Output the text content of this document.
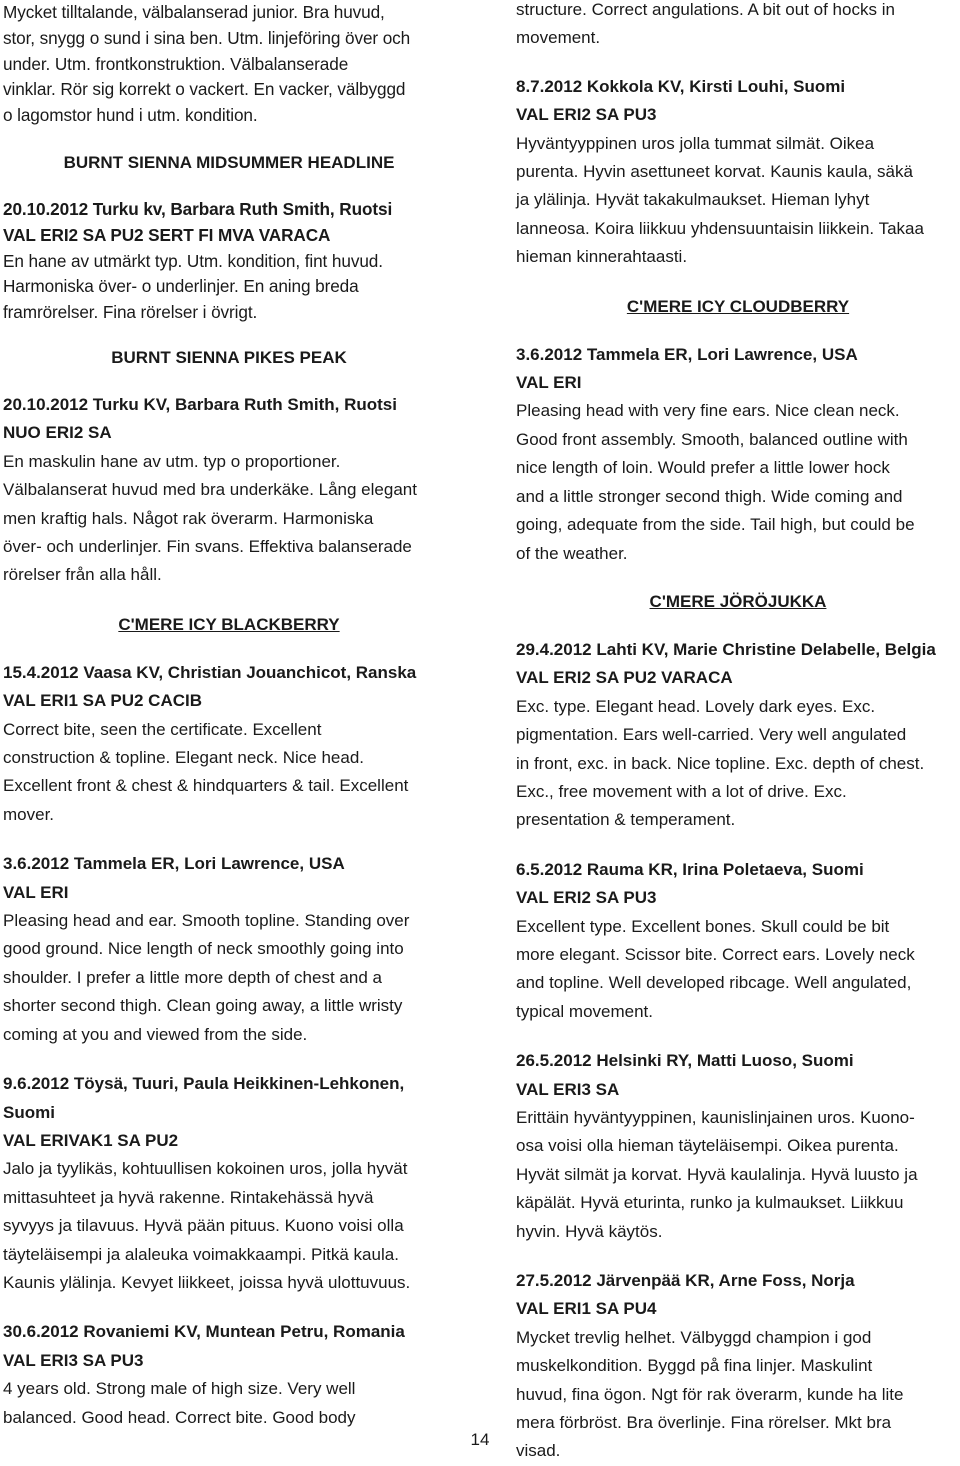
Mycket tilltalande, välbalanserad junior. Bra huvud,
stor, snygg o sund i sina ben. Utm. linjeföring över och
under. Utm. frontkonstruktion. Välbalanserade
vinklar. Rör sig korrekt o vackert. En vacker, välbyggd
o lagomstor hund i utm. kondition.
BURNT SIENNA MIDSUMMER HEADLINE
20.10.2012 Turku kv, Barbara Ruth Smith, Ruotsi
VAL ERI2 SA PU2 SERT FI MVA VARACA
En hane av utmärkt typ. Utm. kondition, fint huvud.
Harmoniska över- o underlinjer. En aning breda
framrörelser. Fina rörelser i övrigt.
BURNT SIENNA PIKES PEAK
20.10.2012 Turku KV, Barbara Ruth Smith, Ruotsi
NUO ERI2 SA
En maskulin hane av utm. typ o proportioner.
Välbalanserat huvud med bra underkäke. Lång elegant
men kraftig hals. Något rak överarm. Harmoniska
över- och underlinjer. Fin svans. Effektiva balanserade
rörelser från alla håll.
C'MERE ICY BLACKBERRY
15.4.2012 Vaasa KV, Christian Jouanchicot, Ranska
VAL ERI1 SA PU2 CACIB
Correct bite, seen the certificate. Excellent
construction & topline. Elegant neck. Nice head.
Excellent front & chest & hindquarters & tail. Excellent
mover.
3.6.2012 Tammela ER, Lori Lawrence, USA
VAL ERI
Pleasing head and ear. Smooth topline. Standing over
good ground. Nice length of neck smoothly going into
shoulder. I prefer a little more depth of chest and a
shorter second thigh. Clean going away, a little wristy
coming at you and viewed from the side.
9.6.2012 Töysä, Tuuri, Paula Heikkinen-Lehkonen,
Suomi
VAL ERIVAK1 SA PU2
Jalo ja tyylikäs, kohtuullisen kokoinen uros, jolla hyvät
mittasuhteet ja hyvä rakenne. Rintakehässä hyvä
syvyys ja tilavuus. Hyvä pään pituus. Kuono voisi olla
täyteläisempi ja alaleuka voimakkaampi. Pitkä kaula.
Kaunis ylälinja. Kevyet liikkeet, joissa hyvä ulottuvuus.
30.6.2012 Rovaniemi KV, Muntean Petru, Romania
VAL ERI3 SA PU3
4 years old. Strong male of high size. Very well
balanced. Good head. Correct bite. Good body
structure. Correct angulations. A bit out of hocks in
movement.
8.7.2012 Kokkola KV, Kirsti Louhi, Suomi
VAL ERI2 SA PU3
Hyväntyyppinen uros jolla tummat silmät. Oikea
purenta. Hyvin asettuneet korvat. Kaunis kaula, säkä
ja ylälinja. Hyvät takakulmaukset. Hieman lyhyt
lanneosa. Koira liikkuu yhdensuuntaisin liikkein. Takaa
hieman kinnerahtaasti.
C'MERE ICY CLOUDBERRY
3.6.2012 Tammela ER, Lori Lawrence, USA
VAL ERI
Pleasing head with very fine ears. Nice clean neck.
Good front assembly. Smooth, balanced outline with
nice length of loin. Would prefer a little lower hock
and a little stronger second thigh. Wide coming and
going, adequate from the side. Tail high, but could be
of the weather.
C'MERE JÖRÖJUKKA
29.4.2012 Lahti KV, Marie Christine Delabelle, Belgia
VAL ERI2 SA PU2 VARACA
Exc. type. Elegant head. Lovely dark eyes. Exc.
pigmentation. Ears well-carried. Very well angulated
in front, exc. in back. Nice topline. Exc. depth of chest.
Exc., free movement with a lot of drive. Exc.
presentation & temperament.
6.5.2012 Rauma KR, Irina Poletaeva, Suomi
VAL ERI2 SA PU3
Excellent type. Excellent bones. Skull could be bit
more elegant. Scissor bite. Correct ears. Lovely neck
and topline. Well developed ribcage. Well angulated,
typical movement.
26.5.2012 Helsinki RY, Matti Luoso, Suomi
VAL ERI3 SA
Erittäin hyväntyyppinen, kaunislinjainen uros. Kuono-
osa voisi olla hieman täyteläisempi. Oikea purenta.
Hyvät silmät ja korvat. Hyvä kaulalinja. Hyvä luusto ja
käpälät. Hyvä eturinta, runko ja kulmaukset. Liikkuu
hyvin. Hyvä käytös.
27.5.2012 Järvenpää KR, Arne Foss, Norja
VAL ERI1 SA PU4
Mycket trevlig helhet. Välbyggd champion i god
muskelkondition. Byggd på fina linjer. Maskulint
huvud, fina ögon. Ngt för rak överarm, kunde ha lite
mera förbröst. Bra överlinje. Fina rörelser. Mkt bra
visad.
14
